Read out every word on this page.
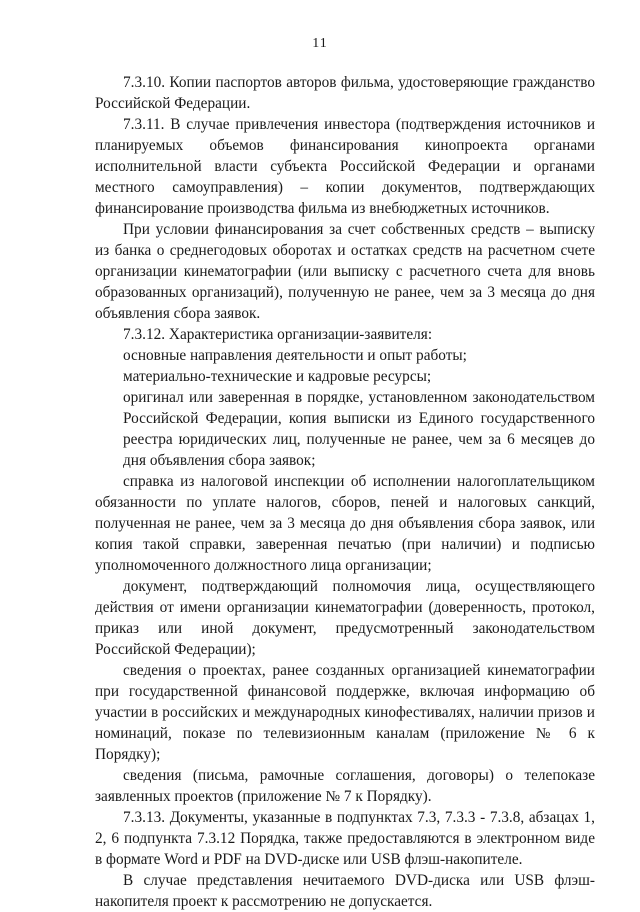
11

7.3.10. Копии паспортов авторов фильма, удостоверяющие гражданство Российской Федерации.

7.3.11. В случае привлечения инвестора (подтверждения источников и планируемых объемов финансирования кинопроекта органами исполнительной власти субъекта Российской Федерации и органами местного самоуправления) – копии документов, подтверждающих финансирование производства фильма из внебюджетных источников.

При условии финансирования за счет собственных средств – выписку из банка о среднегодовых оборотах и остатках средств на расчетном счете организации кинематографии (или выписку с расчетного счета для вновь образованных организаций), полученную не ранее, чем за 3 месяца до дня объявления сбора заявок.

7.3.12. Характеристика организации-заявителя:

основные направления деятельности и опыт работы;

материально-технические и кадровые ресурсы;

оригинал или заверенная в порядке, установленном законодательством Российской Федерации, копия выписки из Единого государственного реестра юридических лиц, полученные не ранее, чем за 6 месяцев до дня объявления сбора заявок;

справка из налоговой инспекции об исполнении налогоплательщиком обязанности по уплате налогов, сборов, пеней и налоговых санкций, полученная не ранее, чем за 3 месяца до дня объявления сбора заявок, или копия такой справки, заверенная печатью (при наличии) и подписью уполномоченного должностного лица организации;

документ, подтверждающий полномочия лица, осуществляющего действия от имени организации кинематографии (доверенность, протокол, приказ или иной документ, предусмотренный законодательством Российской Федерации);

сведения о проектах, ранее созданных организацией кинематографии при государственной финансовой поддержке, включая информацию об участии в российских и международных кинофестивалях, наличии призов и номинаций, показе по телевизионным каналам (приложение № 6 к Порядку);

сведения (письма, рамочные соглашения, договоры) о телепоказе заявленных проектов (приложение № 7 к Порядку).

7.3.13. Документы, указанные в подпунктах 7.3, 7.3.3 - 7.3.8, абзацах 1, 2, 6 подпункта 7.3.12 Порядка, также предоставляются в электронном виде в формате Word и PDF на DVD-диске или USB флэш-накопителе.

В случае представления нечитаемого DVD-диска или USB флэш-накопителя проект к рассмотрению не допускается.
